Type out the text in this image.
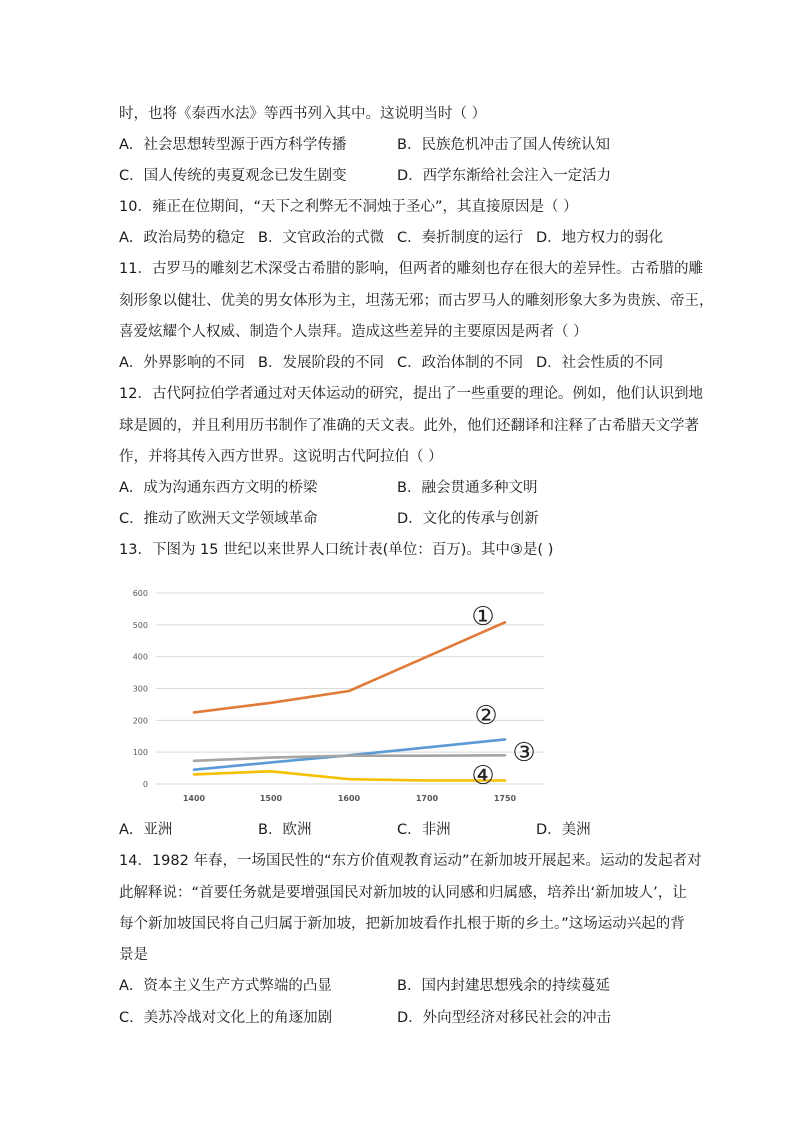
时，也将《泰西水法》等西书列入其中。这说明当时（ ）
A．社会思想转型源于西方科学传播	B．民族危机冲击了国人传统认知
C．国人传统的夷夏观念已发生剧变	D．西学东渐给社会注入一定活力
10．雍正在位期间，“天下之利弊无不洞烛于圣心”，其直接原因是（ ）
A．政治局势的稳定 B．文官政治的式微 C．奏折制度的运行 D．地方权力的弱化
11．古罗马的雕刻艺术深受古希腊的影响，但两者的雕刻也存在很大的差异性。古希腊的雕
刻形象以健壮、优美的男女体形为主，坦荡无邪；而古罗马人的雕刻形象大多为贵族、帝王，
喜爱炫耀个人权威、制造个人崇拜。造成这些差异的主要原因是两者（ ）
A．外界影响的不同 B．发展阶段的不同 C．政治体制的不同 D．社会性质的不同
12．古代阿拉伯学者通过对天体运动的研究，提出了一些重要的理论。例如，他们认识到地
球是圆的，并且利用历书制作了准确的天文表。此外，他们还翻译和注释了古希腊天文学著
作，并将其传入西方世界。这说明古代阿拉伯（ ）
A．成为沟通东西方文明的桥梁	B．融会贯通多种文明
C．推动了欧洲天文学领域革命	D．文化的传承与创新
13．下图为 15 世纪以来世界人口统计表(单位：百万)。其中③是( )
0
100
200
300
400
500
600
1400	1500	1600	1700	1750
①
②
③
④
A．亚洲	B．欧洲	C．非洲	D．美洲
14．1982 年春，一场国民性的“东方价值观教育运动”在新加坡开展起来。运动的发起者对
此解释说：“首要任务就是要增强国民对新加坡的认同感和归属感，培养出‘新加坡人’，让
每个新加坡国民将自己归属于新加坡，把新加坡看作扎根于斯的乡土。”这场运动兴起的背
景是
A．资本主义生产方式弊端的凸显	B．国内封建思想残余的持续蔓延
C．美苏冷战对文化上的角逐加剧	D．外向型经济对移民社会的冲击
